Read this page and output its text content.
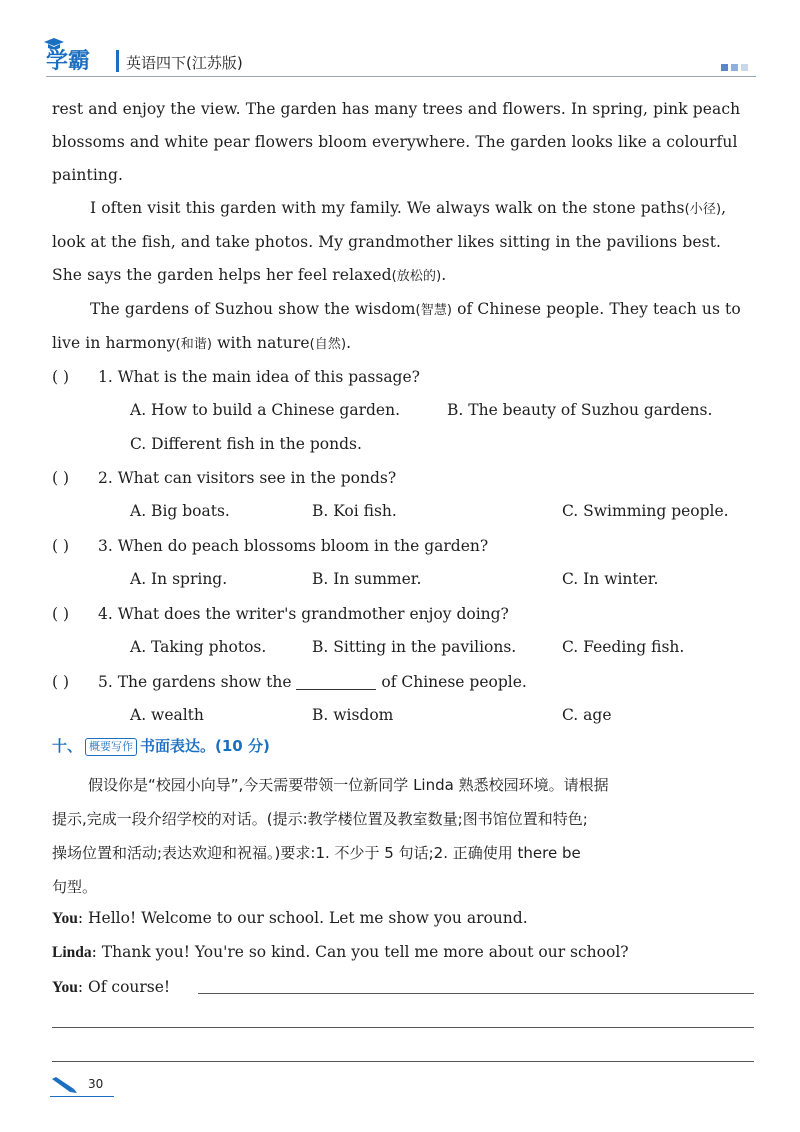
学霸 英语四下(江苏版)

rest and enjoy the view. The garden has many trees and flowers. In spring, pink peach blossoms and white pear flowers bloom everywhere. The garden looks like a colourful painting.

I often visit this garden with my family. We always walk on the stone paths(小径), look at the fish, and take photos. My grandmother likes sitting in the pavilions best. She says the garden helps her feel relaxed(放松的).

The gardens of Suzhou show the wisdom(智慧) of Chinese people. They teach us to live in harmony(和谐) with nature(自然).

( ) 1. What is the main idea of this passage?
A. How to build a Chinese garden.	B. The beauty of Suzhou gardens.
C. Different fish in the ponds.
( ) 2. What can visitors see in the ponds?
A. Big boats.	B. Koi fish.	C. Swimming people.
( ) 3. When do peach blossoms bloom in the garden?
A. In spring.	B. In summer.	C. In winter.
( ) 4. What does the writer's grandmother enjoy doing?
A. Taking photos.	B. Sitting in the pavilions.	C. Feeding fish.
( ) 5. The gardens show the	of Chinese people.
A. wealth	B. wisdom	C. age
十、 概要写作 书面表达。(10 分)

假设你是“校园小向导”,今天需要带领一位新同学 Linda 熟悉校园环境。请根据

提示,完成一段介绍学校的对话。(提示:教学楼位置及教室数量;图书馆位置和特色;

操场位置和活动;表达欢迎和祝福。)要求:1. 不少于 5 句话;2. 正确使用 there be

句型。

You: Hello! Welcome to our school. Let me show you around.
Linda: Thank you! You're so kind. Can you tell me more about our school?
You: Of course!
30
